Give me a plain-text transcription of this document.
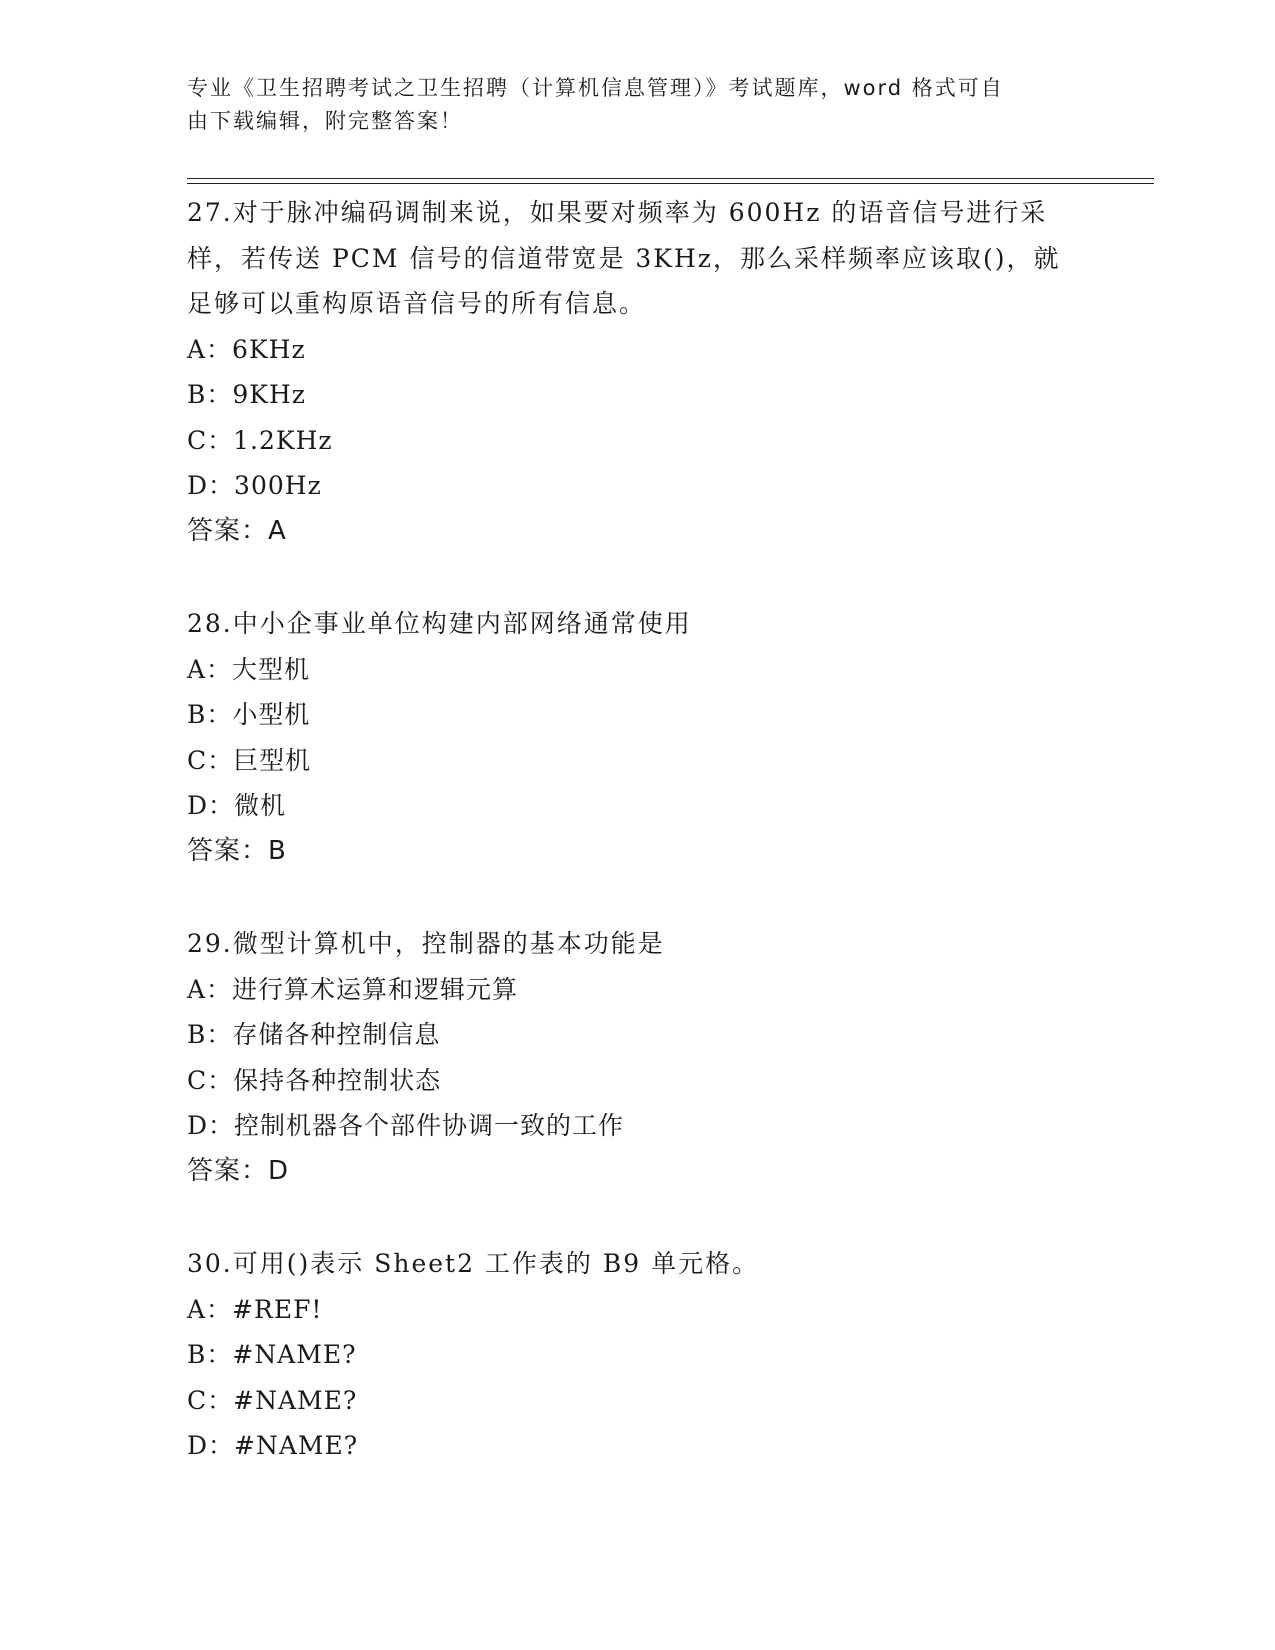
专业《卫生招聘考试之卫生招聘（计算机信息管理）》考试题库，word 格式可自
由下载编辑，附完整答案！
27.对于脉冲编码调制来说，如果要对频率为 600Hz 的语音信号进行采
样，若传送 PCM 信号的信道带宽是 3KHz，那么采样频率应该取()，就
足够可以重构原语音信号的所有信息。
A：6KHz
B：9KHz
C：1.2KHz
D：300Hz
答案：A
28.中小企事业单位构建内部网络通常使用
A：大型机
B：小型机
C：巨型机
D：微机
答案：B
29.微型计算机中，控制器的基本功能是
A：进行算术运算和逻辑元算
B：存储各种控制信息
C：保持各种控制状态
D：控制机器各个部件协调一致的工作
答案：D
30.可用()表示 Sheet2 工作表的 B9 单元格。
A：#REF!
B：#NAME?
C：#NAME?
D：#NAME?
